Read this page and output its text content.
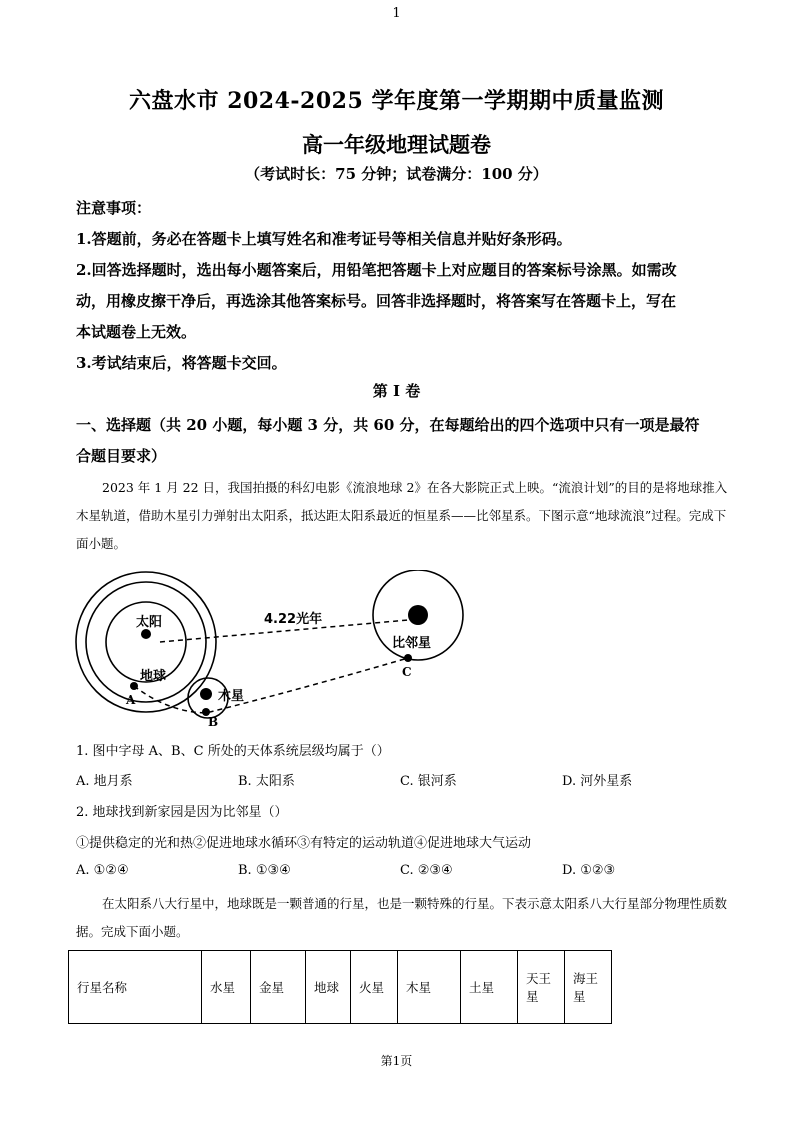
1
六盘水市 2024-2025 学年度第一学期期中质量监测
高一年级地理试题卷
（考试时长：75 分钟；试卷满分：100 分）
注意事项：
1.答题前，务必在答题卡上填写姓名和准考证号等相关信息并贴好条形码。
2.回答选择题时，选出每小题答案后，用铅笔把答题卡上对应题目的答案标号涂黑。如需改
动，用橡皮擦干净后，再选涂其他答案标号。回答非选择题时，将答案写在答题卡上，写在
本试题卷上无效。
3.考试结束后，将答题卡交回。
第 I 卷
一、选择题（共 20 小题，每小题 3 分，共 60 分，在每题给出的四个选项中只有一项是最符
合题目要求）
2023 年 1 月 22 日，我国拍摄的科幻电影《流浪地球 2》在各大影院正式上映。“流浪计划”的目的是将地球推入木星轨道，借助木星引力弹射出太阳系，抵达距太阳系最近的恒星系——比邻星系。下图示意“地球流浪”过程。完成下面小题。
太阳
地球
木星
比邻星
4.22光年
A
B
C
1. 图中字母 A、B、C 所处的天体系统层级均属于（）
A. 地月系	B. 太阳系	C. 银河系	D. 河外星系
2. 地球找到新家园是因为比邻星（）
①提供稳定的光和热②促进地球水循环③有特定的运动轨道④促进地球大气运动
A. ①②④	B. ①③④	C. ②③④	D. ①②③
在太阳系八大行星中，地球既是一颗普通的行星，也是一颗特殊的行星。下表示意太阳系八大行星部分物理性质数据。完成下面小题。
行星名称	水星	金星	地球	火星	木星	土星	天王星	海王星
第1页
